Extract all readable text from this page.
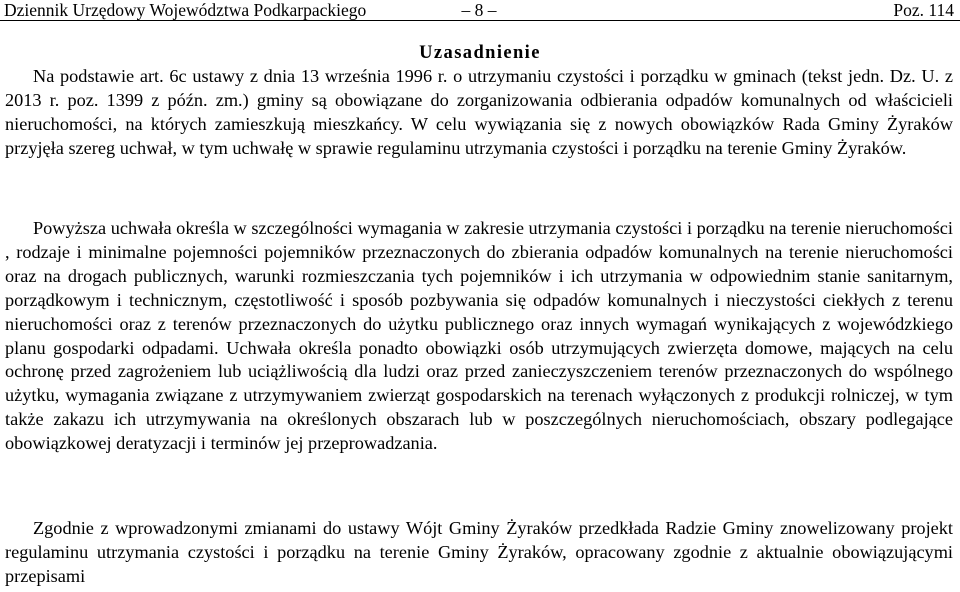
Dziennik Urzędowy Województwa Podkarpackiego	– 8 –	Poz. 114
Uzasadnienie

Na podstawie art. 6c ustawy z dnia 13 września 1996 r. o utrzymaniu czystości i porządku w gminach (tekst jedn. Dz. U. z 2013 r. poz. 1399 z późn. zm.) gminy są obowiązane do zorganizowania odbierania odpadów komunalnych od właścicieli nieruchomości, na których zamieszkują mieszkańcy. W celu wywiązania się z nowych obowiązków Rada Gminy Żyraków przyjęła szereg uchwał, w tym uchwałę w sprawie regulaminu utrzymania czystości i porządku na terenie Gminy Żyraków.

Powyższa uchwała określa w szczególności wymagania w zakresie utrzymania czystości i porządku na terenie nieruchomości , rodzaje i minimalne pojemności pojemników przeznaczonych do zbierania odpadów komunalnych na terenie nieruchomości oraz na drogach publicznych, warunki rozmieszczania tych pojemników i ich utrzymania w odpowiednim stanie sanitarnym, porządkowym i technicznym, częstotliwość i sposób pozbywania się odpadów komunalnych i nieczystości ciekłych z terenu nieruchomości oraz z terenów przeznaczonych do użytku publicznego oraz innych wymagań wynikających z wojewódzkiego planu gospodarki odpadami. Uchwała określa ponadto obowiązki osób utrzymujących zwierzęta domowe, mających na celu ochronę przed zagrożeniem lub uciążliwością dla ludzi oraz przed zanieczyszczeniem terenów przeznaczonych do wspólnego użytku, wymagania związane z utrzymywaniem zwierząt gospodarskich na terenach wyłączonych z produkcji rolniczej, w tym także zakazu ich utrzymywania na określonych obszarach lub w poszczególnych nieruchomościach, obszary podlegające obowiązkowej deratyzacji i terminów jej przeprowadzania.

Zgodnie z wprowadzonymi zmianami do ustawy Wójt Gminy Żyraków przedkłada Radzie Gminy znowelizowany projekt regulaminu utrzymania czystości i porządku na terenie Gminy Żyraków, opracowany zgodnie z aktualnie obowiązującymi przepisami
